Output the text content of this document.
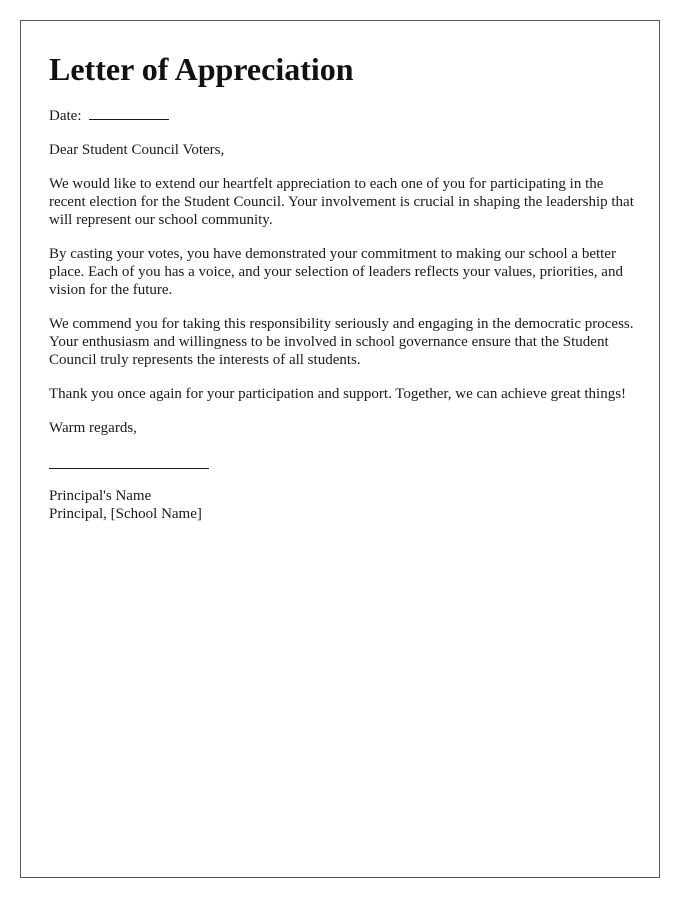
Letter of Appreciation

Date:

Dear Student Council Voters,

We would like to extend our heartfelt appreciation to each one of you for participating in the recent election for the Student Council. Your involvement is crucial in shaping the leadership that will represent our school community.

By casting your votes, you have demonstrated your commitment to making our school a better place. Each of you has a voice, and your selection of leaders reflects your values, priorities, and vision for the future.

We commend you for taking this responsibility seriously and engaging in the democratic process. Your enthusiasm and willingness to be involved in school governance ensure that the Student Council truly represents the interests of all students.

Thank you once again for your participation and support. Together, we can achieve great things!

Warm regards,

Principal's Name
Principal, [School Name]
